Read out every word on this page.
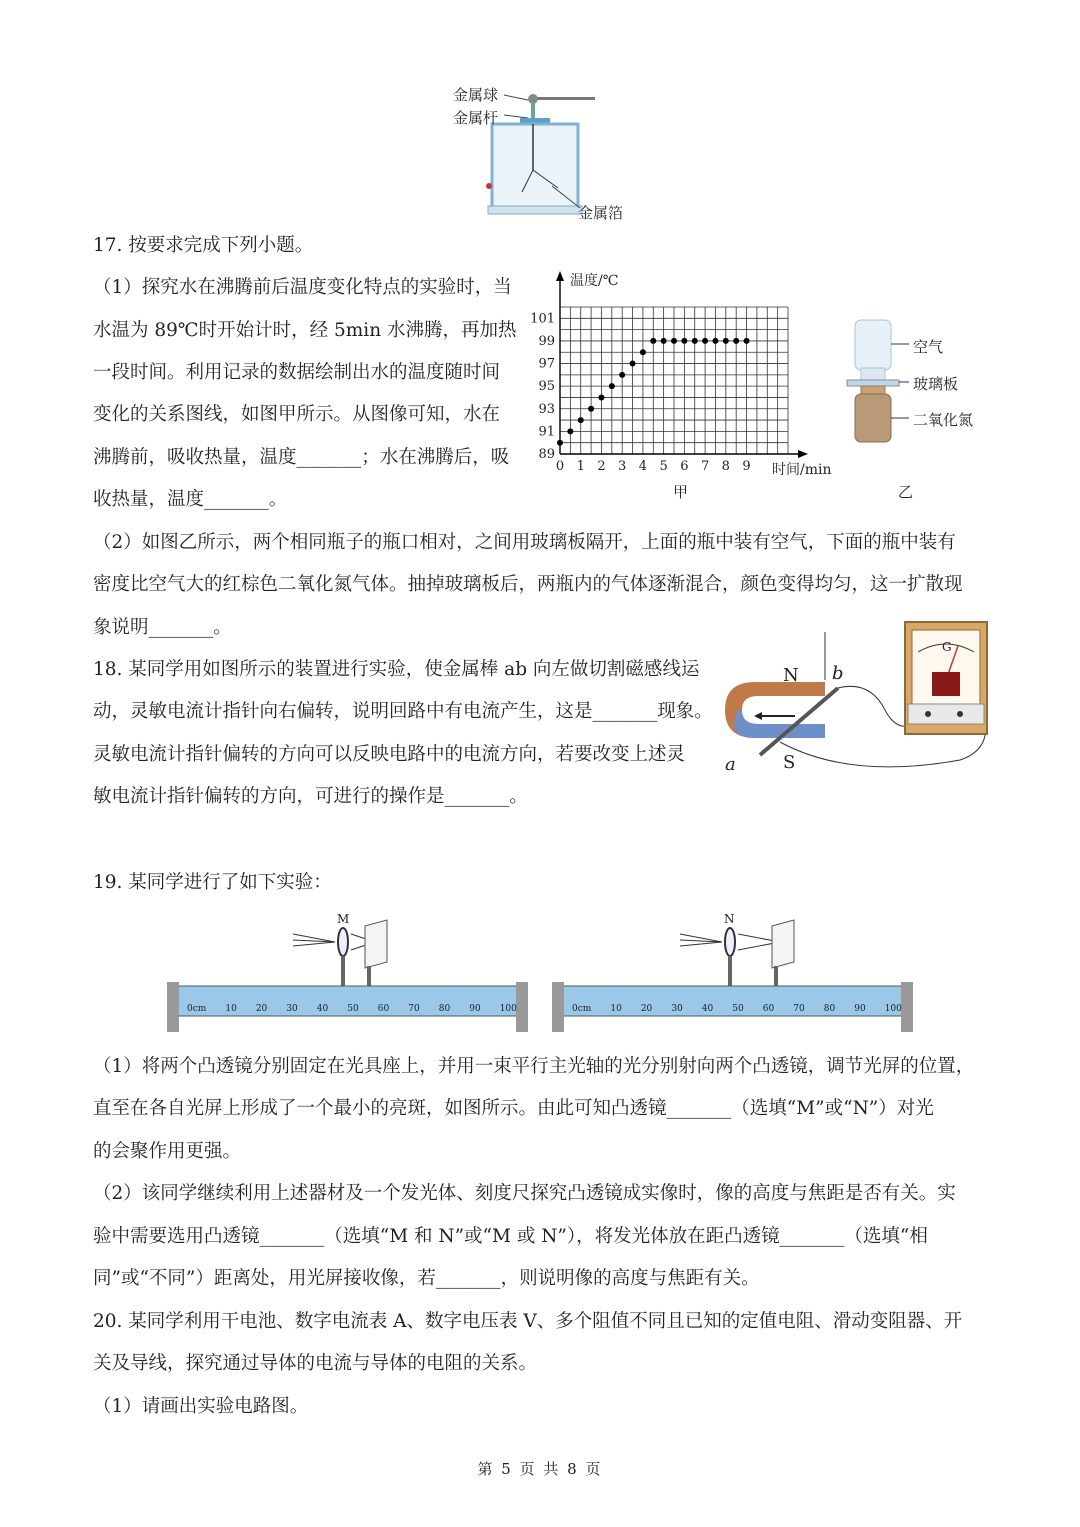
金属球
金属杆
金属箔
17. 按要求完成下列小题。
（1）探究水在沸腾前后温度变化特点的实验时，当
水温为 89℃时开始计时，经 5min 水沸腾，再加热
一段时间。利用记录的数据绘制出水的温度随时间
变化的关系图线，如图甲所示。从图像可知，水在
沸腾前，吸收热量，温度_______；水在沸腾后，吸
收热量，温度_______。
0 1 2 3 4 5 6 7 8 9
89
91
93
95
97
99
101
温度/℃
时间/min
甲
空气
玻璃板
二氧化氮
乙
（2）如图乙所示，两个相同瓶子的瓶口相对，之间用玻璃板隔开，上面的瓶中装有空气，下面的瓶中装有
密度比空气大的红棕色二氧化氮气体。抽掉玻璃板后，两瓶内的气体逐渐混合，颜色变得均匀，这一扩散现
象说明_______。
18. 某同学用如图所示的装置进行实验，使金属棒 ab 向左做切割磁感线运
动，灵敏电流计指针向右偏转，说明回路中有电流产生，这是_______现象。
灵敏电流计指针偏转的方向可以反映电路中的电流方向，若要改变上述灵
敏电流计指针偏转的方向，可进行的操作是_______。
N
S
a
b
G
19. 某同学进行了如下实验：
M
0cm 10 20 30 40 50 60 70 80 90 100
N
0cm 10 20 30 40 50 60 70 80 90 100
（1）将两个凸透镜分别固定在光具座上，并用一束平行主光轴的光分别射向两个凸透镜，调节光屏的位置，
直至在各自光屏上形成了一个最小的亮斑，如图所示。由此可知凸透镜_______（选填“M”或“N”）对光
的会聚作用更强。
（2）该同学继续利用上述器材及一个发光体、刻度尺探究凸透镜成实像时，像的高度与焦距是否有关。实
验中需要选用凸透镜_______（选填“M 和 N”或“M 或 N”），将发光体放在距凸透镜_______（选填“相
同”或“不同”）距离处，用光屏接收像，若_______，则说明像的高度与焦距有关。
20. 某同学利用干电池、数字电流表 A、数字电压表 V、多个阻值不同且已知的定值电阻、滑动变阻器、开
关及导线，探究通过导体的电流与导体的电阻的关系。
（1）请画出实验电路图。
第 5 页 共 8 页
